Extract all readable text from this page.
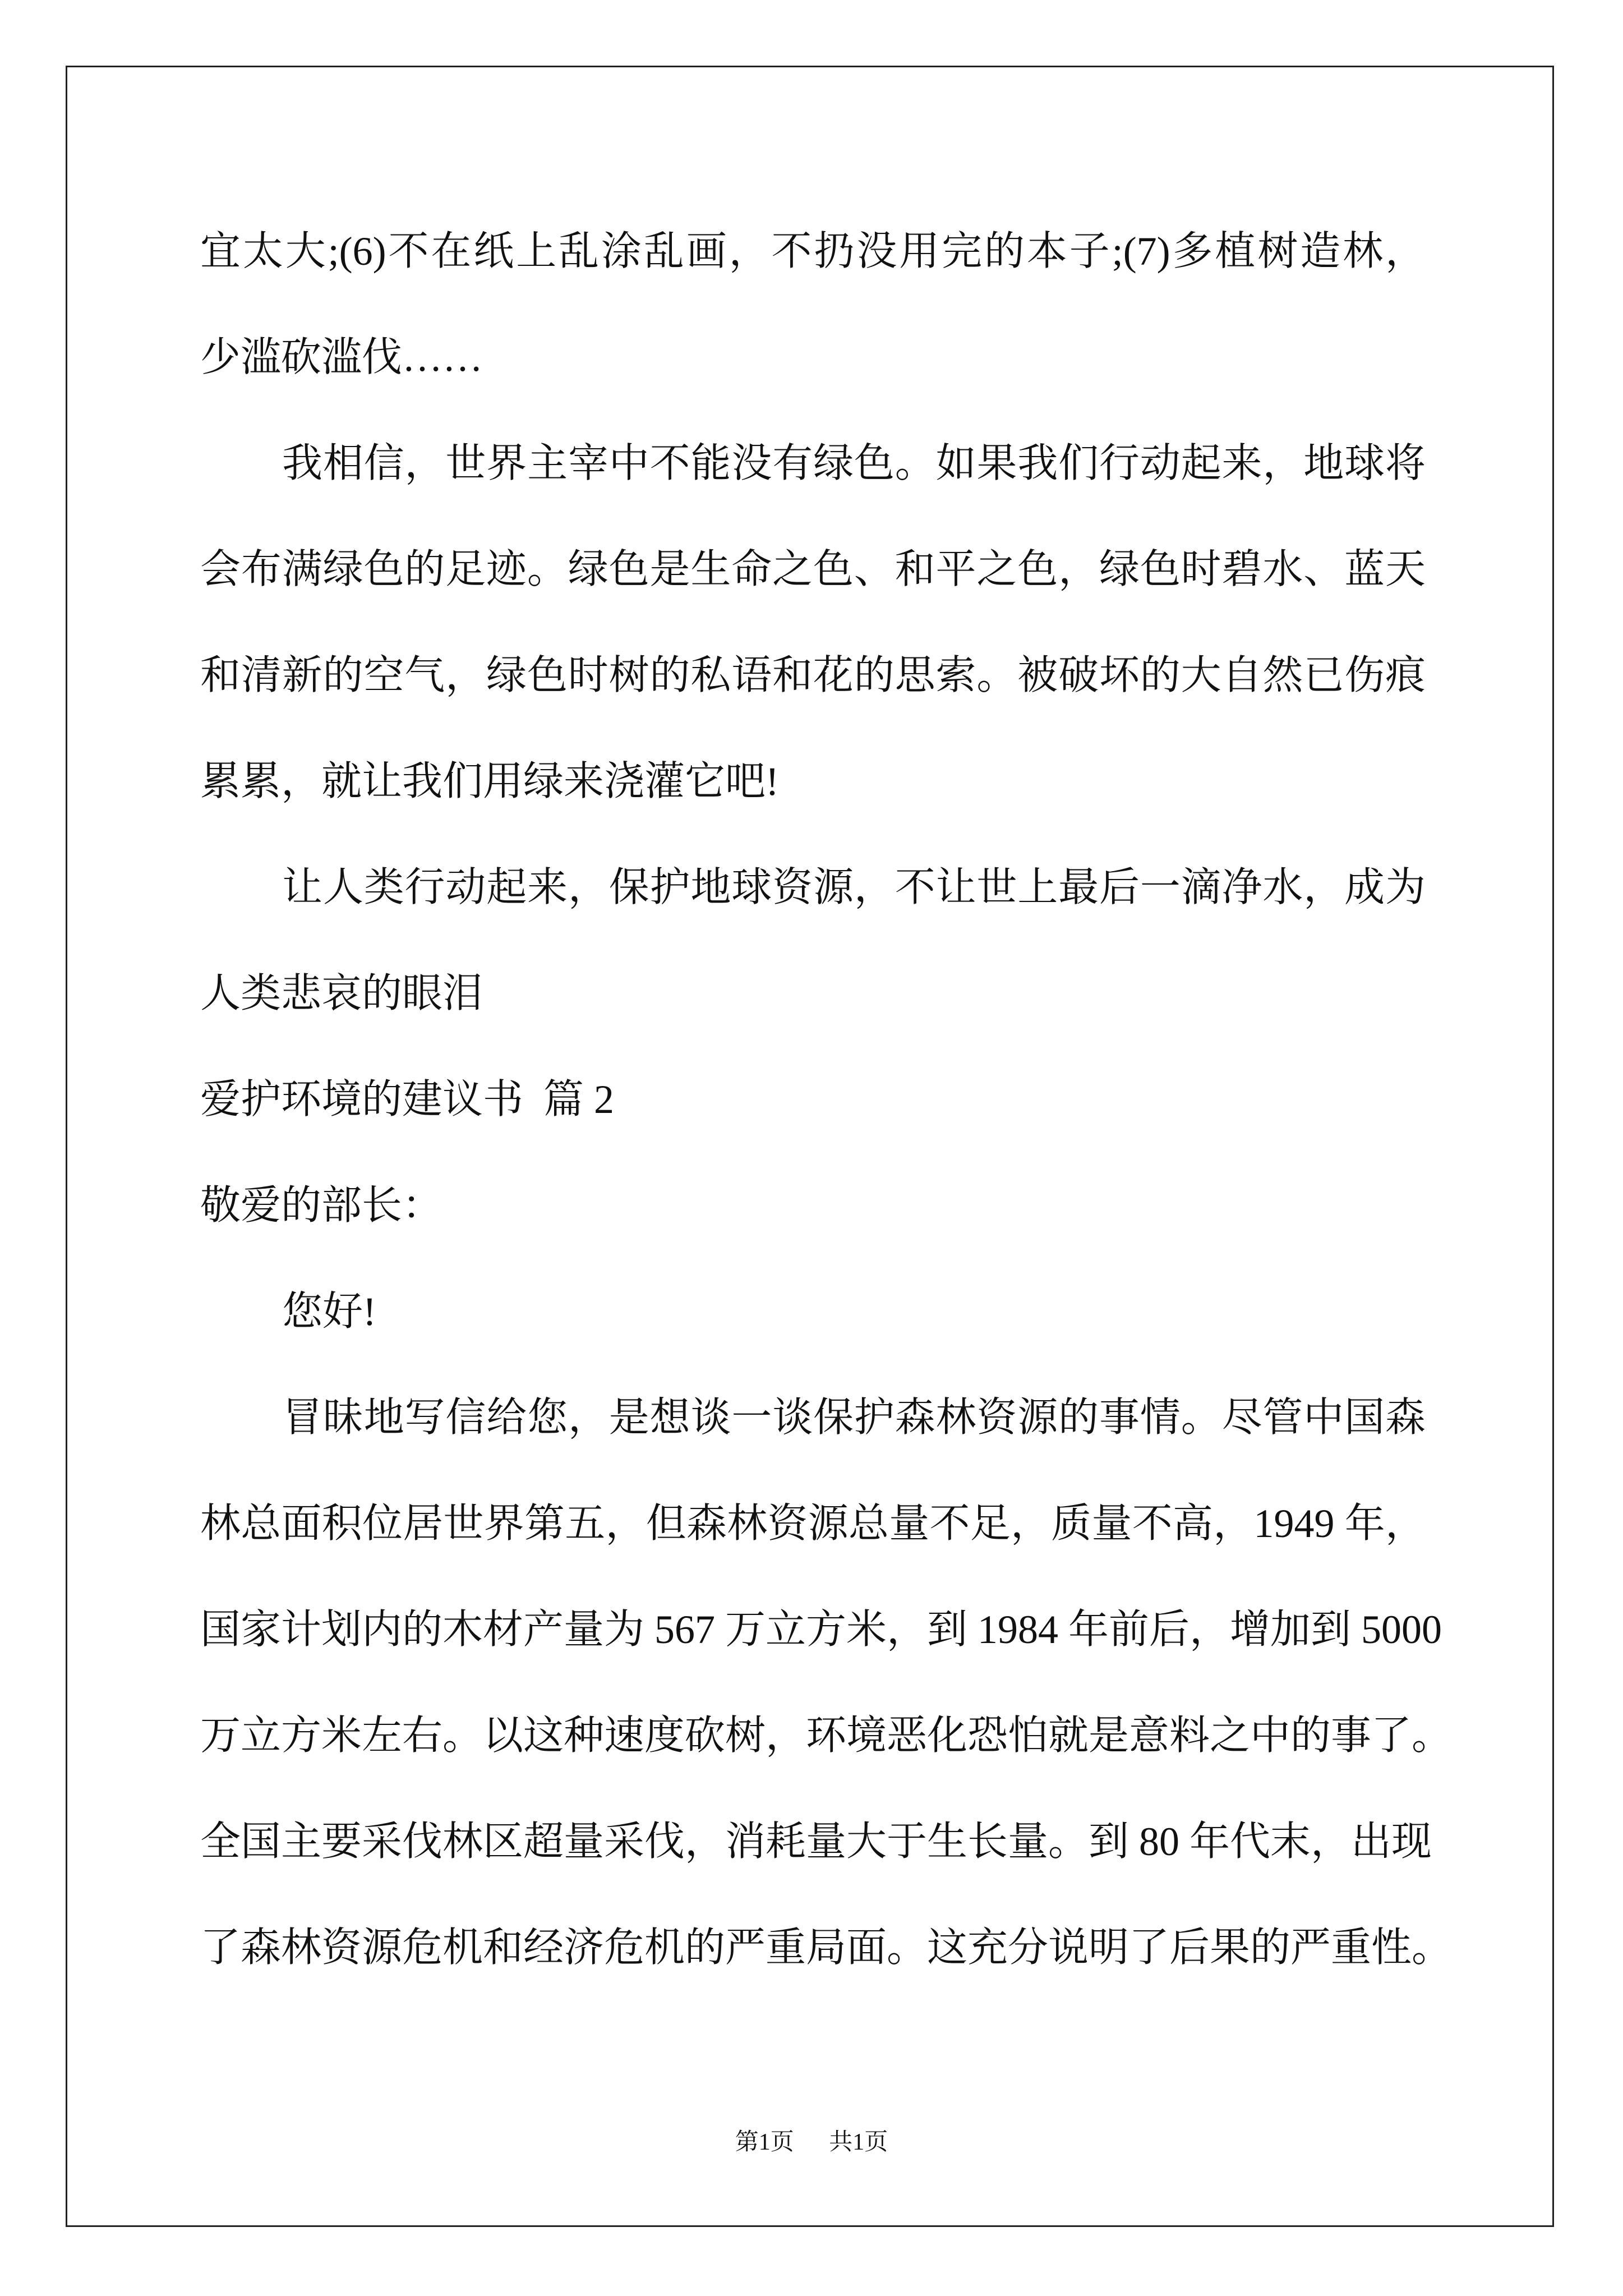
宜太大;(6)不在纸上乱涂乱画，不扔没用完的本子;(7)多植树造林，
少滥砍滥伐……
我相信，世界主宰中不能没有绿色。如果我们行动起来，地球将
会布满绿色的足迹。绿色是生命之色、和平之色，绿色时碧水、蓝天
和清新的空气，绿色时树的私语和花的思索。被破坏的大自然已伤痕
累累，就让我们用绿来浇灌它吧!
让人类行动起来，保护地球资源，不让世上最后一滴净水，成为
人类悲哀的眼泪
爱护环境的建议书  篇 2
敬爱的部长：
您好!
冒昧地写信给您，是想谈一谈保护森林资源的事情。尽管中国森
林总面积位居世界第五，但森林资源总量不足，质量不高，1949 年，
国家计划内的木材产量为 567 万立方米，到 1984 年前后，增加到 5000
万立方米左右。以这种速度砍树，环境恶化恐怕就是意料之中的事了。
全国主要采伐林区超量采伐，消耗量大于生长量。到 80 年代末，出现
了森林资源危机和经济危机的严重局面。这充分说明了后果的严重性。
第1页 共1页
